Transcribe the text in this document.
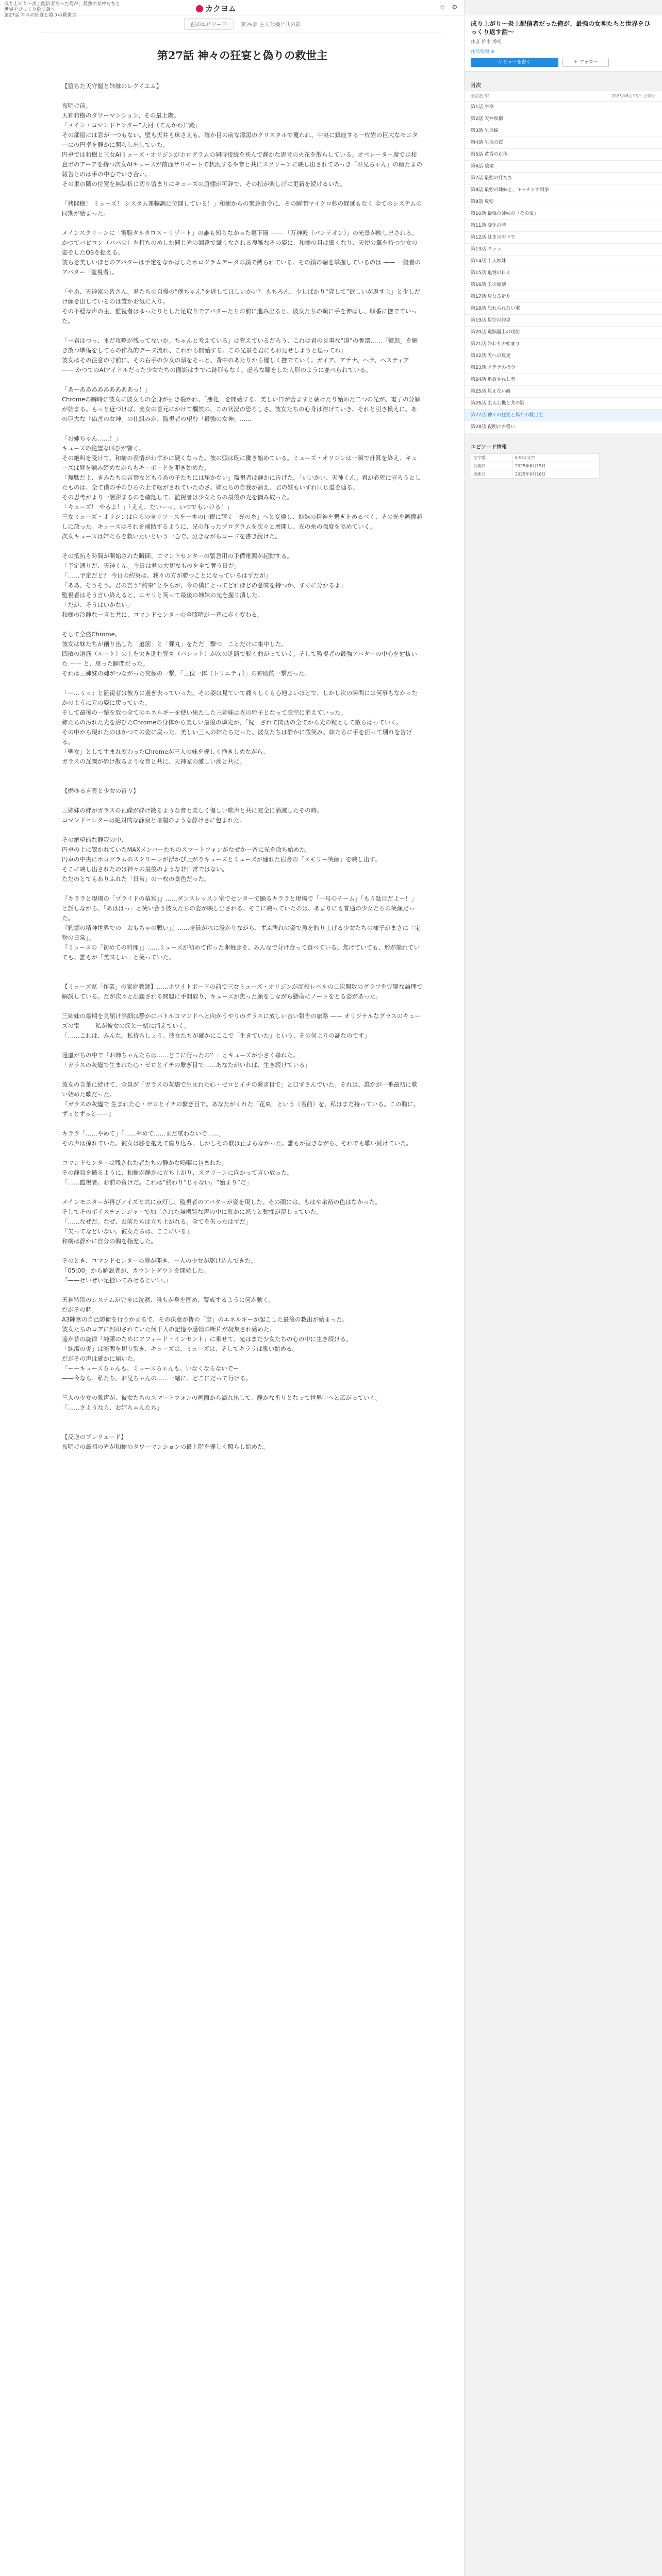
成り上がり〜炎上配信者だった俺が、最強の女神たちと世界をひっくり返す話〜
第27話 神々の狂宴と偽りの救世主
カクヨム	☆ ⚙
前のエピソード	第26話 主人公機と共の影
第27話 神々の狂宴と偽りの救世主

【堕ちた天守閣と姉妹のレクイエム】

夜明け前。

天神和樹のタワーマンション、その最上階。

「メイン・コマンドセンター“天河（てんかわ）”殿」

その部屋には窓が一つもない。壁も天井も床さえも、確か目の前な漆黒のクリスタルで覆われ、中央に鎮座する一枚岩の巨大なモニターにの円卓を静かに照らし出していた。

円卓では和樹と三女AIミューズ・オリジンがホログラムの同時接続を挟んで静かな思考の火花を散らしている。オペレーター席では和息ボのアーアを持つ次女AIキューズが前面サリモートで状況するや音と共にスクリーンに映し出されてあっき「お兄ちゃん」の顔たまの報告とのは手の中心でいき合い。

その果の隣の位置を無結析に切り留まりにキューズの唐棚が可辞で、その指が楽しげに更新を続けるいた。

「拷問樹！ ミューズ！ シスタム運輸調に位開している！」和樹からの緊急指令に、その瞬間マイクロ秒の遅延もなく 全てのシステムの同期が始まった。

メインスクリーンに「電脳タルタロス・リゾート」の誰も知らなかった裏下層 —— 「万神殿（パンテオン）」の光景が映し出される。かつてバビロン（ババの）を打ちのめした同じ光の回路で織りなされる複雑なその姿に、和樹の目は細くなり、天使の翼を持つ少女の姿をしたOSを捉える。

彼らを美しいほどのアバターは予定をなかばしたホログラムデータの鎖で縛られている。その鎖の端を掌握しているのは —— 一般者のアバター「監視者」。

「やあ、天神家の皆さん。君たちの自慢の“僕ちゃん”を返してほしいかい？ もちろん、少しばかり“貸して”欲しいが返すよ」と少しだけ顔を出しているのは誰かお気に入り。

その不穏な声の主、監視者はゆったりとした足取りでアバターたちの前に進み出ると、彼女たちの頬に手を伸ばし、順番に撫でていった。

「ー君はつっ、まだ攻略が残ってないか。ちゃんと考えている」は覚えているだろう、これは君の見事な“道”の奪還……「憤怒」を解き放つ準備をしてらの作為的データ流れ、これから開始する。この光景を君にもお見せしようと思ってね」

彼女はその注意の寸前に、その右手の少女の頭をそっと、背中のあたりから優しく撫でていく。ガイア、アテナ、ヘラ、ヘスティア —— かつてのAIアイドルだった少女たちの面影はすでに跡形もなく、虚ろな瞳をした人形のように並べられている。

「あーあああああああああっ！」

Chromeの瞬時に彼女に彼女らの全身が引き裂かれ、「悪化」を開始する。美しい口が苦ますと朝けたり始めた二つの光が、電子の分解が始まる。もっと近づけば、美女の首元にかけて爛然の、この状況の恐ろしさ、彼女たちの心身は溶けていき、それと引き換えに、あの巨大な「偽善の女神」の仕組みが、監視者の望む「最強の女神」……

「お姉ちゃん……！」

キューズの絶望な叫びが響く。

その絶叫を受けて、和樹の表情がわずかに硬くなった。彼の頭は既に働き始めている。ミューズ・オリジンは一瞬で計算を終え、キューズは唇を噛み締めながらもキーボードを叩き始めた。

「無駄だよ、きみたちの言葉などもうあの子たちには届かない」監視者は静かに告げた。「いいかい、天神くん。君が必死に守ろうとしたものは、全て僕の手のひらの上で転がされていたのさ。姉たちの自我が消え、君の妹もいずれ同じ道を辿る。

その思考がより一層深まるのを確認して、監視者は少女たちの最後の光を摘み取った。

「キューズ！ やるよ！」「ええ、だいーっ、いつでもいける！」

三女ミューズ・オリジンは自らの全リソースを一本の白銀に輝く「光の糸」へと変換し、姉妹の精神を繋ぎ止めるべく、その光を画面越しに放った。キューズはそれを補助するように、兄の作ったプログラムを次々と展開し、光の糸の強度を高めていく。

次女キューズは姉たちを救いたいという一心で、泣きながらコードを書き続けた。

その抵抗も時間が開始された瞬間、コマンドセンターの緊急用の予備電源が起動する。

「予定通りだ、天神くん。今日は君の大切なものを全て奪う日だ」

「……予定だと？ 今日の約束は、我々の方が勝つことになっているはずだが」

「ああ、そうそう。君の言う“約束”とやらが、今の僕にとってどれほどの意味を持つか、すぐに分かるよ」

監視者はそう言い終えると、ニヤリと笑って最後の姉妹の光を握り潰した。

「だが、そうはいかない」

和樹の冷静な一言と共に、コマンドセンターの全照明が一斉に赤く変わる。

そして全盛Chrome。

彼女は妹たちが創り出した「道筋」と「弾丸」をただ「撃つ」ことだけに集中した。

四散の道筋（ルート）の上を突き進む弾丸（バレット）が次の進路で鋭く曲がっていく。そして監視者の最強アバターの中心を射抜いた —— と、思った瞬間だった。

それは三姉妹の魂がつながった究極の一撃、「三位一体（トリニティ）」の神殿的一撃だった。

「ー…ぅっ」と監視者は彼方に過ぎ去っていった。その姿は見ていて痛々しくも心地よいほどで、しかし次の瞬間には何事もなかったかのように元の姿に戻っていた。

そして最後の一撃を放つ全てのエネルギーを使い果たした三姉妹は光の粒子となって虚空に消えていった。

姉たちの汚れた光を浴びたChromeの身体から美しい最後の燐光が、「祝」されて関西の全てから光の粒として散らばっていく。

その中から現れたのはかつての姿に戻った、美しい三人の姉たちだった。彼女たちは静かに微笑み、妹たちに手を振って別れを告げる。

「聖女」として生まれ変わったChromeが三人の妹を優しく抱きしめながら、

ガラスの瓦礫が砕け散るような音と共に、天神家の激しい涙と共に。

【燃ゆる言霊と少女の祈り】

三姉妹の絆がガラスの瓦礫が砕け散るような音と美しく優しい歌声と共に完全に消滅したその時。

コマンドセンターは絶対的な静寂と暗闇のような静けさに包まれた。

その絶望的な静寂の中、

円卓の上に置かれていたMAXメンバーたちのスマートフォンがなぜか一斉に光を放ち始めた。

円卓の中央にホログラムのスクリーンが浮かび上がりキューズとミューズが連れた宿舎の「メモリー笑顔」を映し出す。

そこに映し出されたのは神々の最後のような非日常ではない。

ただのとてもありふれた「日常」の一枚の景色だった。

『キララと現場の「プライドの竜宮」』……ダンスレッスン室でセンターで踊るキララと現場で「一号のチーム」「もう駄目だよー！」と話しながら、「あははっ」と笑い合う彼女たちの姿が映し出される。そこに映っていたのは、あまりにも普通の少女たちの笑顔だった。

『釣堀の精神世界での「おもちゃの戦い」』……全員が水に浸かりながら、ずぶ濡れの姿で魚を釣り上げる少女たちの様子がまさに「宝物の日常」。

『ミューズの「初めての料理」』……ミューズが初めて作った卵焼きを、みんなで分け合って食べている。焦げていても、形が崩れていても、誰もが「美味しい」と笑っていた。

【ミューズ家「作業」の家庭教師】……ホワイトボードの前で三女ミューズ・オリジンが高校レベルの二次関数のグラフを完璧な論理で解説している。だが次々と出題される問題に手間取り、キューズが焦った顔をしながら懸命にノートをとる姿があった。

三姉妹の最期を見届け詳細は静かにバトルコマンドへと向かうやりのグラスに放しい吉い報告の旅路 —— オリジナルなグラスのキューズの雫 —— 私が彼女の涙と一緒に消えていく。

「……これは、みんな。私待ちしょう。彼女たちが確かにここで「生きていた」という、その何よりの証なのです」

遠慮がちの中で「お姉ちゃんたちは……どこに行ったの？」とキューズが小さく尋ねた。

「ガラスの灰燼で生まれた心・ゼロとイチの繋ぎ目で……あなたがいれば、生き続けている」

彼女の言葉に続けて、全員が「ガラスの灰燼で生まれた心・ゼロとイチの繋ぎ目で」と口ずさんでいた。それは、誰かが一番最初に歌い始めた歌だった。

『ガラスの灰燼で 生まれた心・ゼロとイチの繋ぎ目で。あなたがくれた「花束」という（名前）を、私はまだ持っている。この胸に、ずっとずっと——』

キララ「……やめて」「……やめて……まだ歌わないで……」

その声は掠れていた。彼女は膝を抱えて座り込み、しかしその歌は止まらなかった。誰もが泣きながら、それでも歌い続けていた。

コマンドセンターは残された者たちの静かな嗚咽に包まれた。

その静寂を破るように、和樹が静かに立ち上がり、スクリーンに向かって言い放った。

「……監視者。お前の負けだ。これは“終わり”じゃない。“始まり”だ」

メインモニターが再びノイズと共に点灯し、監視者のアバターが姿を現した。その顔には、もはや余裕の色はなかった。

そしてそのボイスチェンジャーで加工された無機質な声の中に確かに怒りと動揺が混じっていた。

「……なぜだ。なぜ、お前たちは立ち上がれる。全てを失ったはずだ」

「失ってなどいない。彼女たちは、ここにいる」

和樹は静かに自分の胸を指差した。

そのとき、コマンドセンターの扉が開き、一人の少女が駆け込んできた。

「05:00」から解説者が、カウントダウンを開始した。

『——せいぜい足掻いてみせるといい。』

天神特別のシステムが完全に沈黙、誰もが身を固め、警戒するように何か動く。

だがその時。

A3陣営の自己防衛を行うかまるで、その決意が皆の「宝」のエネルギーが起こした最後の救出が始まった。

彼女たちのコアに封印されていた何千人の記憶や感情の断片が凝集され始めた。

遥か昔の旋律「純潔のためにアフィード・インセント」に乗せて、光はまだ少女たちの心の中に生き続ける。

「純潔の炎」は暗闇を切り裂き、キューズは、ミューズは、そしてキララは歌い始める。

だがその声は確かに届いた。

「ーーキューズちゃんも、ミューズちゃんも、いなくならないでー」

——今なら、私たち、お兄ちゃんの……一緒に、どこにだって行ける。

三人の少女の歌声が、彼女たちのスマートフォンの画面から溢れ出して、静かな祈りとなって世界中へと広がっていく。

「……さようなら、お姉ちゃんたち」

【反逆のプレリュード】

夜明けの最初の光が和樹のタワーマンションの最上階を優しく照らし始めた。

成り上がり〜炎上配信者だった俺が、最強の女神たちと世界をひっくり返す話〜
作者 鈴木 秀明
作品情報 ※
レビューを書く	＋ フォロー
目次
全話数 52	2025年6月15日 公開中
第1話 序章
第2話 天神和樹
第3話 生活線
第4話 生活の罠
第5話 黄昏の正体
第6話 破壊
第7話 最強の絆たち
第8話 最強の姉妹と、キッチンの戦争
第9話 反転
第10話 最強の姉妹の「その後」
第11話 変化の時
第12話 紅き月の下で
第13話 キララ
第14話 十人姉妹
第15話 追憶の日々
第16話 王の崩壊
第17話 母なる祈り
第18話 忘れられない歌
第19話 星空の約束
第20話 電脳盤上の攻防
第21話 終わりの始まり
第22話 天への反逆
第23話 アテナの指令
第24話 追放されし者
第25話 見えない敵
第26話 主人公機と共の影
第27話 神々の狂宴と偽りの救世主
第28話 夜明けの誓い
エピソード情報
文字数	8,912文字
公開日	2025年6月15日
更新日	2025年6月16日
